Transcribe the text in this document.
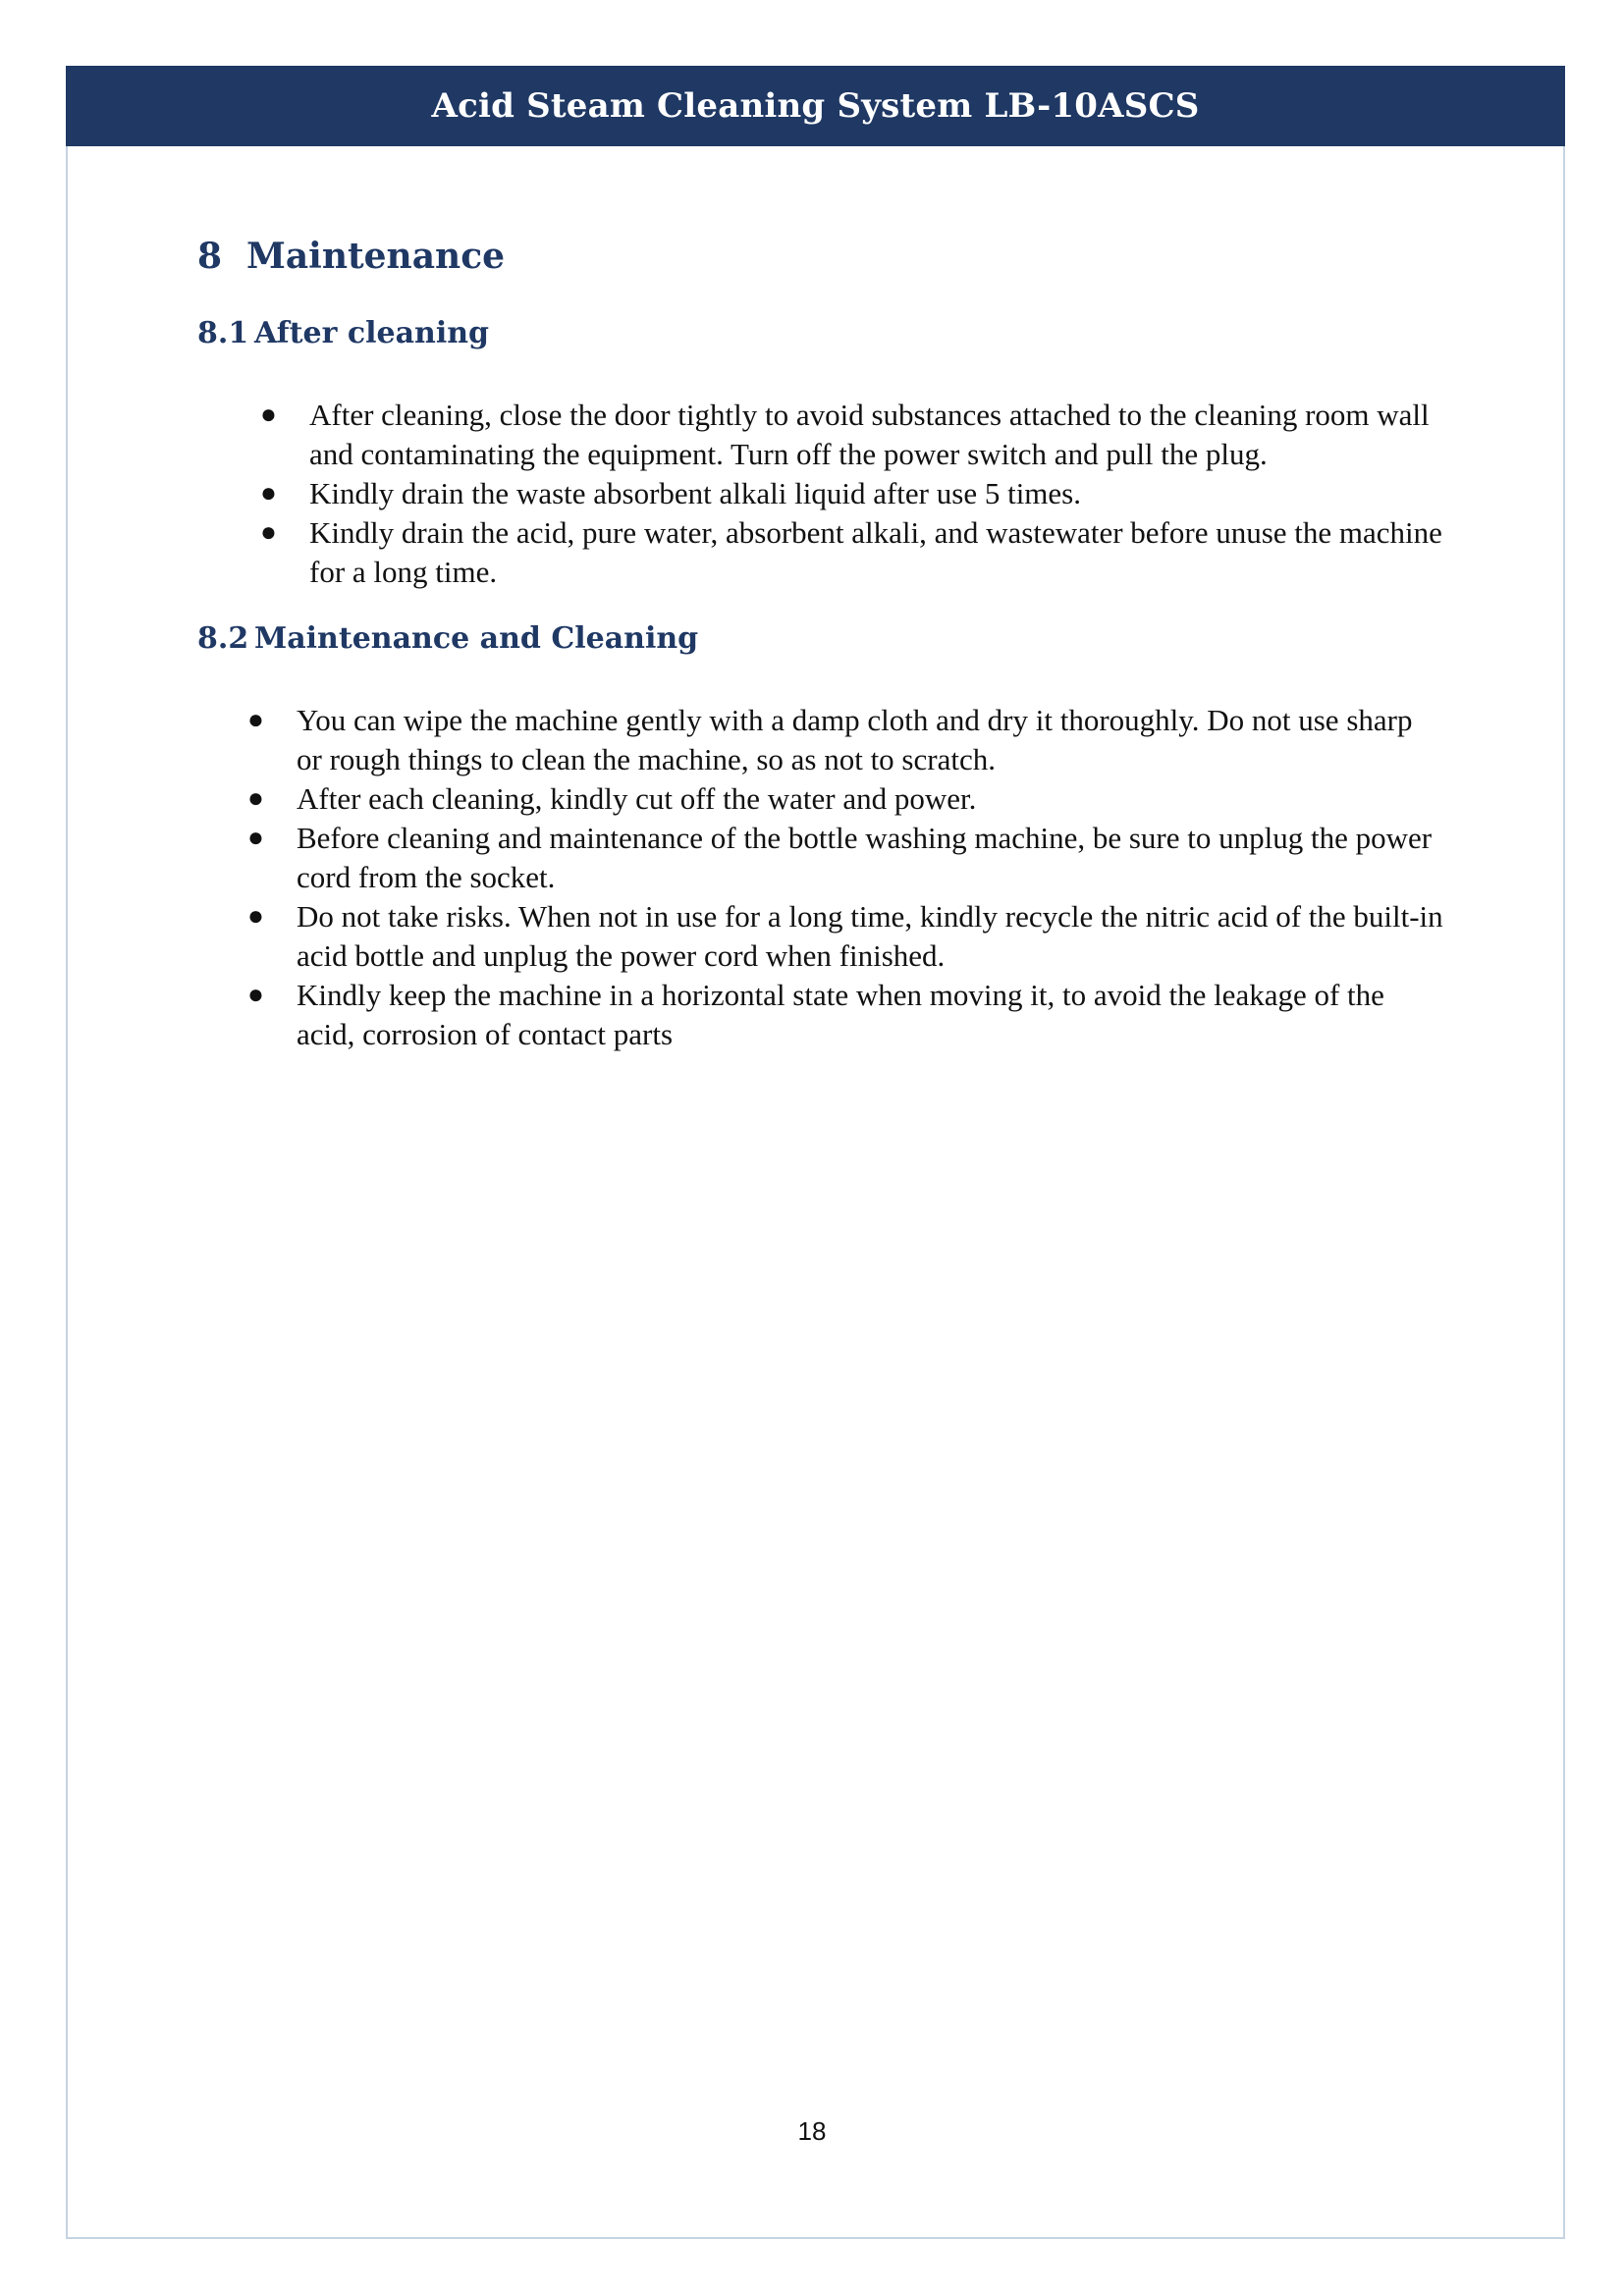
Acid Steam Cleaning System LB-10ASCS
8 Maintenance
8.1 After cleaning
● After cleaning, close the door tightly to avoid substances attached to the cleaning room wall and contaminating the equipment. Turn off the power switch and pull the plug.
● Kindly drain the waste absorbent alkali liquid after use 5 times.
● Kindly drain the acid, pure water, absorbent alkali, and wastewater before unuse the machine for a long time.
8.2 Maintenance and Cleaning
● You can wipe the machine gently with a damp cloth and dry it thoroughly. Do not use sharp or rough things to clean the machine, so as not to scratch.
● After each cleaning, kindly cut off the water and power.
● Before cleaning and maintenance of the bottle washing machine, be sure to unplug the power cord from the socket.
● Do not take risks. When not in use for a long time, kindly recycle the nitric acid of the built-in acid bottle and unplug the power cord when finished.
● Kindly keep the machine in a horizontal state when moving it, to avoid the leakage of the acid, corrosion of contact parts
18
